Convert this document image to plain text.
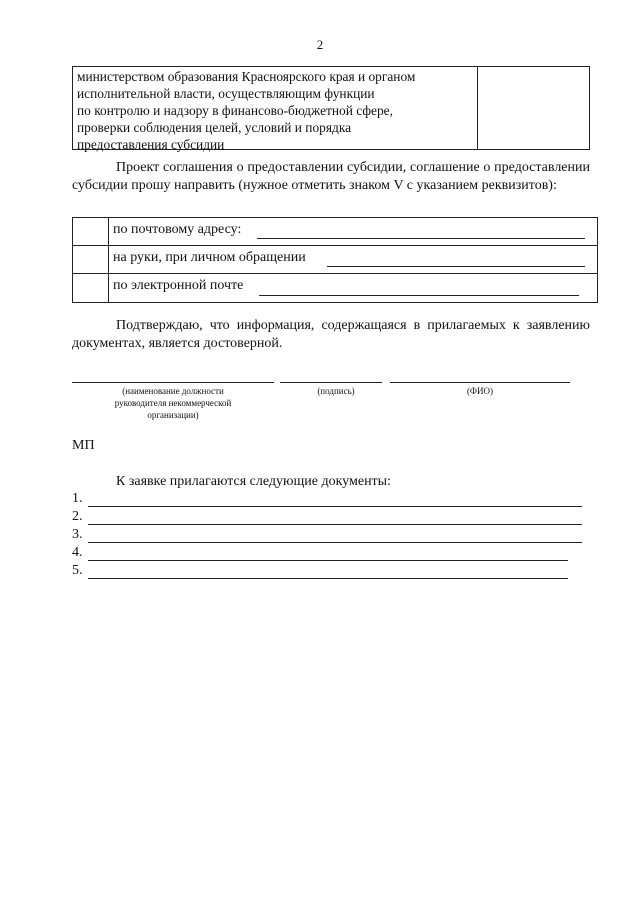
2
министерством образования Красноярского края и органом
исполнительной власти, осуществляющим функции
по контролю и надзору в финансово-бюджетной сфере,
проверки соблюдения целей, условий и порядка
предоставления субсидии
Проект соглашения о предоставлении субсидии, соглашение о предоставлении субсидии прошу направить (нужное отметить знаком V с указанием реквизитов):
по почтовому адресу:
на руки, при личном обращении
по электронной почте
Подтверждаю, что информация, содержащаяся в прилагаемых к заявлению документах, является достоверной.
(наименование должности руководителя некоммерческой организации)
(подпись)	(ФИО)
МП
К заявке прилагаются следующие документы:
1.
2.
3.
4.
5.
